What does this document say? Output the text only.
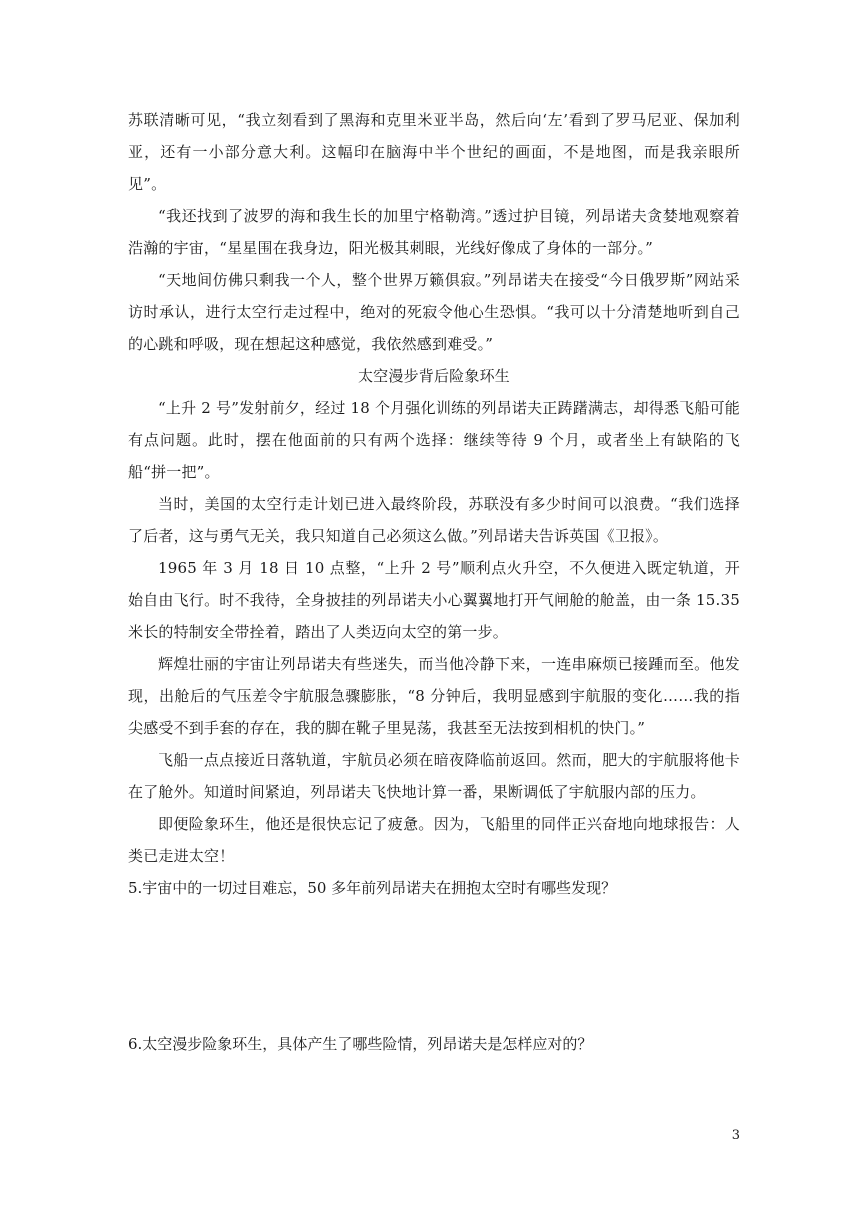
苏联清晰可见，“我立刻看到了黑海和克里米亚半岛，然后向‘左’看到了罗马尼亚、保加利亚，还有一小部分意大利。这幅印在脑海中半个世纪的画面，不是地图，而是我亲眼所见”。

“我还找到了波罗的海和我生长的加里宁格勒湾。”透过护目镜，列昂诺夫贪婪地观察着浩瀚的宇宙，“星星围在我身边，阳光极其刺眼，光线好像成了身体的一部分。”

“天地间仿佛只剩我一个人，整个世界万籁俱寂。”列昂诺夫在接受“今日俄罗斯”网站采访时承认，进行太空行走过程中，绝对的死寂令他心生恐惧。“我可以十分清楚地听到自己的心跳和呼吸，现在想起这种感觉，我依然感到难受。”

太空漫步背后险象环生

“上升 2 号”发射前夕，经过 18 个月强化训练的列昂诺夫正踌躇满志，却得悉飞船可能有点问题。此时，摆在他面前的只有两个选择：继续等待 9 个月，或者坐上有缺陷的飞船“拼一把”。

当时，美国的太空行走计划已进入最终阶段，苏联没有多少时间可以浪费。“我们选择了后者，这与勇气无关，我只知道自己必须这么做。”列昂诺夫告诉英国《卫报》。

1965 年 3 月 18 日 10 点整，“上升 2 号”顺利点火升空，不久便进入既定轨道，开始自由飞行。时不我待，全身披挂的列昂诺夫小心翼翼地打开气闸舱的舱盖，由一条 15.35 米长的特制安全带拴着，踏出了人类迈向太空的第一步。

辉煌壮丽的宇宙让列昂诺夫有些迷失，而当他冷静下来，一连串麻烦已接踵而至。他发现，出舱后的气压差令宇航服急骤膨胀，“8 分钟后，我明显感到宇航服的变化……我的指尖感受不到手套的存在，我的脚在靴子里晃荡，我甚至无法按到相机的快门。”

飞船一点点接近日落轨道，宇航员必须在暗夜降临前返回。然而，肥大的宇航服将他卡在了舱外。知道时间紧迫，列昂诺夫飞快地计算一番，果断调低了宇航服内部的压力。

即便险象环生，他还是很快忘记了疲惫。因为，飞船里的同伴正兴奋地向地球报告：人类已走进太空！

5.宇宙中的一切过目难忘，50 多年前列昂诺夫在拥抱太空时有哪些发现？

6.太空漫步险象环生，具体产生了哪些险情，列昂诺夫是怎样应对的？

3
